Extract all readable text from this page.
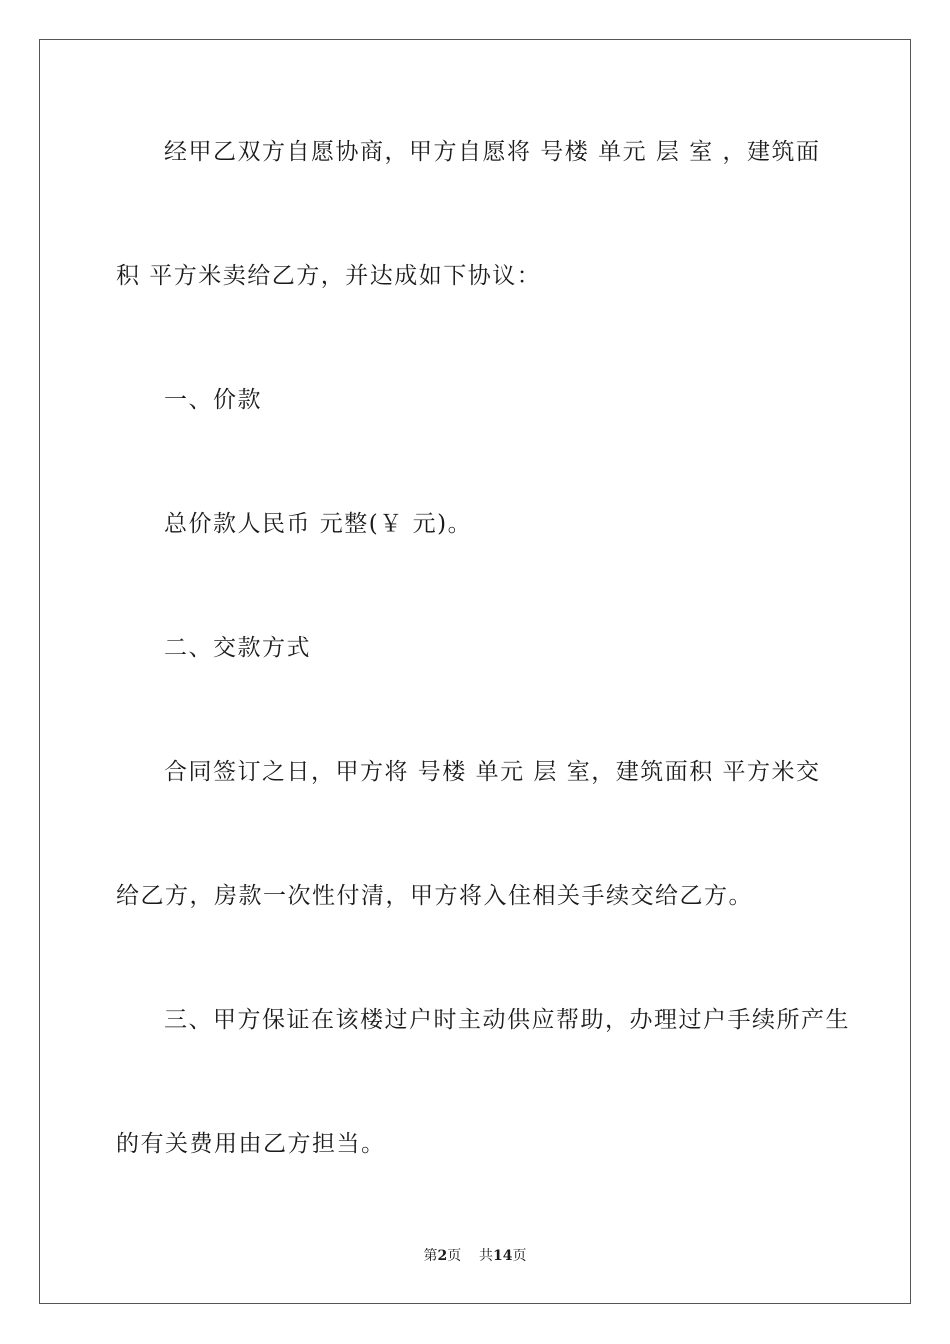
经甲乙双方自愿协商，甲方自愿将 号楼 单元 层 室 ，建筑面
积 平方米卖给乙方，并达成如下协议：
一、价款
总价款人民币 元整(￥ 元)。
二、交款方式
合同签订之日，甲方将 号楼 单元 层 室，建筑面积 平方米交
给乙方，房款一次性付清，甲方将入住相关手续交给乙方。
三、甲方保证在该楼过户时主动供应帮助，办理过户手续所产生
的有关费用由乙方担当。
第2页 共14页
